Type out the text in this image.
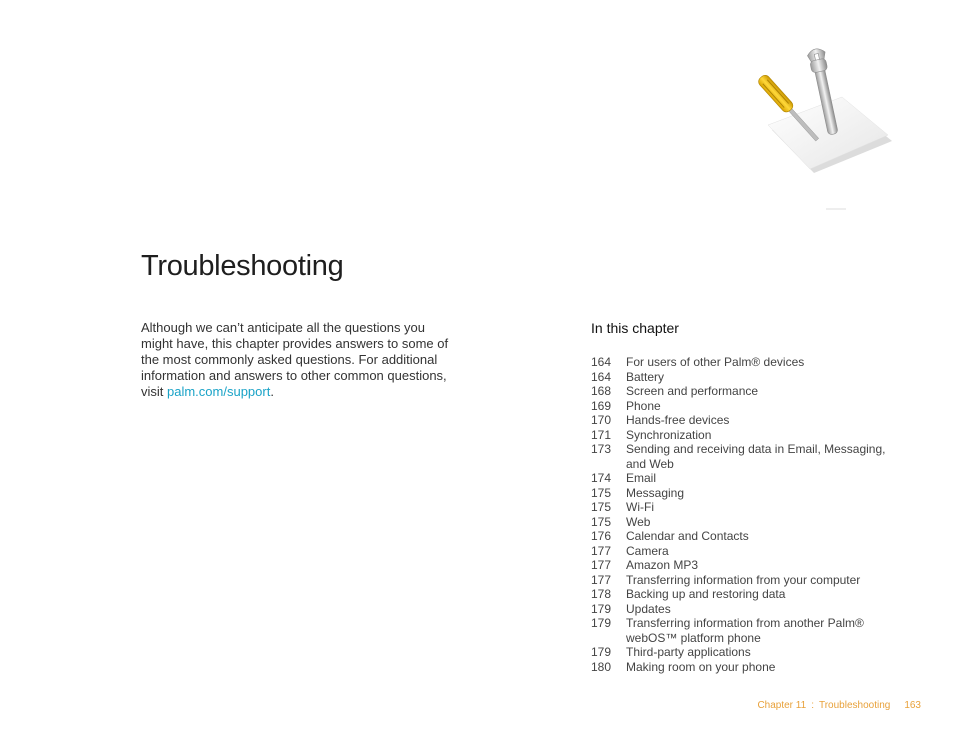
Troubleshooting
Although we can’t anticipate all the questions you might have, this chapter provides answers to some of the most commonly asked questions. For additional information and answers to other common questions, visit palm.com/support.
In this chapter
164	For users of other Palm® devices
164	Battery
168	Screen and performance
169	Phone
170	Hands-free devices
171	Synchronization
173	Sending and receiving data in Email, Messaging, and Web
174	Email
175	Messaging
175	Wi-Fi
175	Web
176	Calendar and Contacts
177	Camera
177	Amazon MP3
177	Transferring information from your computer
178	Backing up and restoring data
179	Updates
179	Transferring information from another Palm® webOS™ platform phone
179	Third-party applications
180	Making room on your phone
Chapter 11 : Troubleshooting 163
